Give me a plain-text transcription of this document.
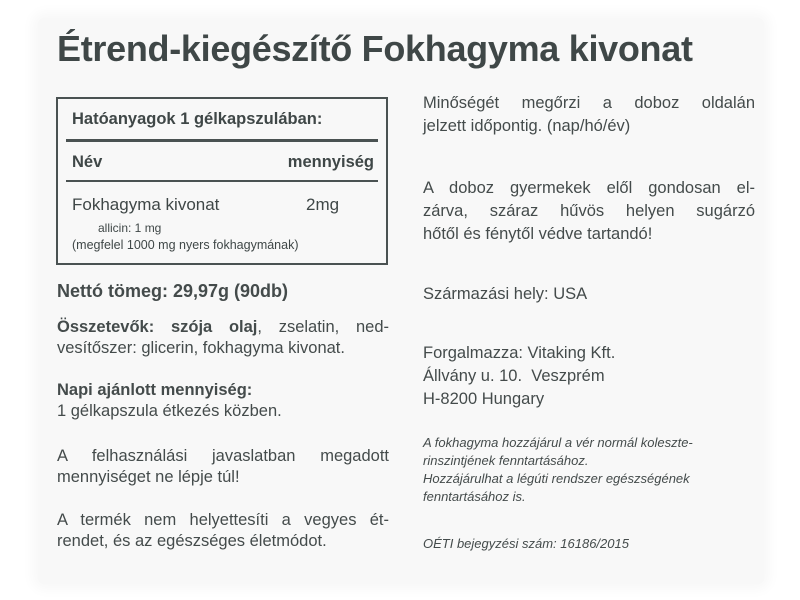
Étrend-kiegészítő Fokhagyma kivonat
Hatóanyagok 1 gélkapszulában:
Név	mennyiség
Fokhagyma kivonat	2mg
allicin: 1 mg
(megfelel 1000 mg nyers fokhagymának)
Nettó tömeg: 29,97g (90db)
Összetevők: szója olaj, zselatin, ned-
vesítőszer: glicerin, fokhagyma kivonat.
Napi ajánlott mennyiség:
1 gélkapszula étkezés közben.
A felhasználási javaslatban megadott
mennyiséget ne lépje túl!
A termék nem helyettesíti a vegyes ét-
rendet, és az egészséges életmódot.
Minőségét megőrzi a doboz oldalán
jelzett időpontig. (nap/hó/év)
A doboz gyermekek elől gondosan el-
zárva, száraz hűvös helyen sugárzó
hőtől és fénytől védve tartandó!
Származási hely: USA
Forgalmazza: Vitaking Kft.
Állvány u. 10.  Veszprém
H-8200 Hungary
A fokhagyma hozzájárul a vér normál koleszte-
rinszintjének fenntartásához.
Hozzájárulhat a légúti rendszer egészségének
fenntartásához is.
OÉTI bejegyzési szám: 16186/2015
